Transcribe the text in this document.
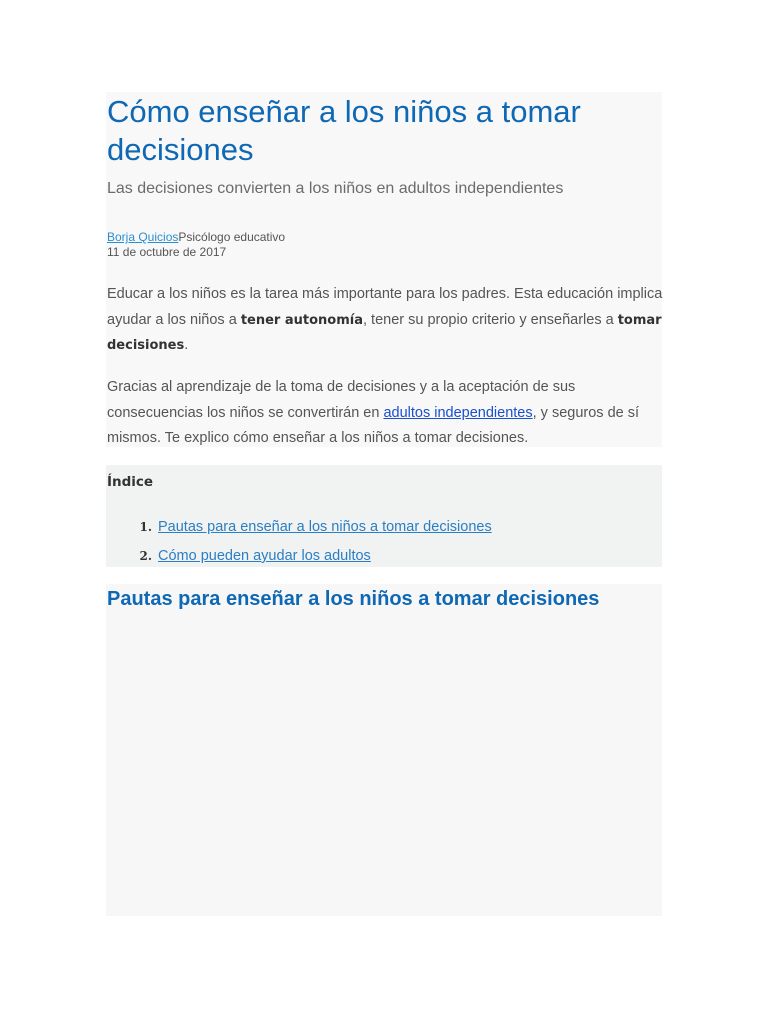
Cómo enseñar a los niños a tomar decisiones

Las decisiones convierten a los niños en adultos independientes

Borja QuiciosPsicólogo educativo
11 de octubre de 2017

Educar a los niños es la tarea más importante para los padres. Esta educación implica ayudar a los niños a tener autonomía, tener su propio criterio y enseñarles a tomar decisiones.

Gracias al aprendizaje de la toma de decisiones y a la aceptación de sus consecuencias los niños se convertirán en adultos independientes, y seguros de sí mismos. Te explico cómo enseñar a los niños a tomar decisiones.

Índice
1. Pautas para enseñar a los niños a tomar decisiones
2. Cómo pueden ayudar los adultos
Pautas para enseñar a los niños a tomar decisiones
